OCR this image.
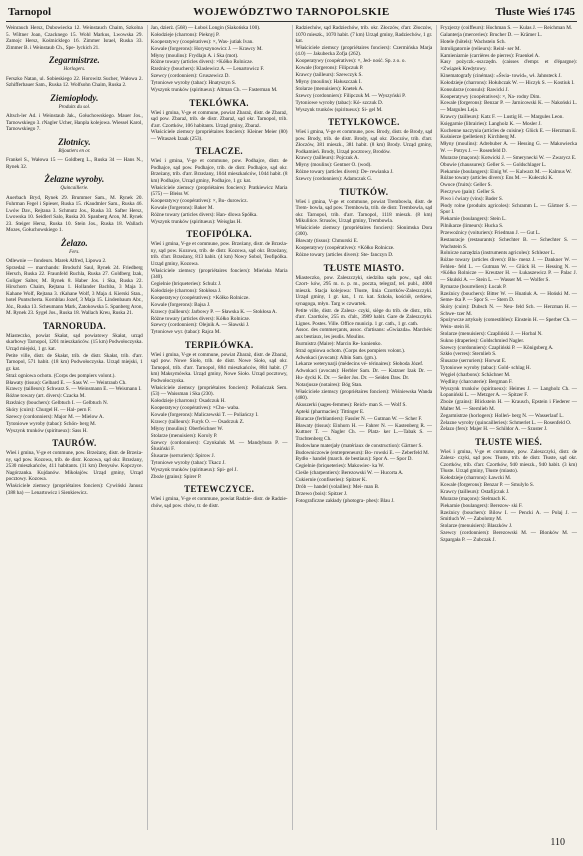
Tarnopol	WOJEWÓDZTWO TARNOPOLSKIE	Tłuste Wieś 1745

Weinrauch Hersz, Dubowiecka 12. Weinstauch Chaim, Szkolna 5. Wiltner Joan, Czacknego 15. Wohl Markus, Lwowska 29. Zamojc Hersz, Kośmicklego 16. Zimmer Israel, Ruska 33. Zimmer B. i Weinstaub Ch., Spe- lyckich 21.

Zegarmistrze.
Horlogers.

Ferszko Natan, ul. Sobieskiego 22. Horowitz Sucher, Wałowa 2. Szhifferbauer Sam., Ruska 12. Wolfsohn Chaim, Ruska 2.

Ziemiopłody.
Produits du sol.

Altsch-ler Ad. i Weinstaub Jak., Gołuchowskiego. Mauer Jos., Tarnowskiego 3. rNagler Ucher, Hanpla kolejowa. Wiessel Karol, Tarnowskiego 7.

Złotnicy.
Bijoutiers en or.

Frankel S., Wałowa 15 — Goldberg L., Ruska 34 — Hans N., Rynek 32.

Żelazne wyroby.
Quincaillerie.

Auerbach Bryd, Rynek 29. Brummer Sam., M. Rynek 20. Fuhrman Fegel i Spieser, Ruska 15. rKaudmler Sam., Ruska 46. Lwów Dav., Rejtana 3. Schmutz Jos., Ruska 33. Safter Hersz, Lwowska 10. Seidlerl Salo, Ruska 20. Spanberg Aron, M. Rynek 23. Steiger Hersz, Ruska 10. Stein Jos., Ruska 18. Wallach Mozes, Gołuchowskiego 1.

Żelazo.
Fers.

Odlewnie — fondeurs. Marek Alfred, Lipowa 2.

Sprzedaż — marchands: Brodschl Saul, Rynek 24. Friedberg Hersch, Ruska 22. Fraunfeld Ruchla, Ruska 27. Goldberg Izak, Goliger Salter, M. Rynek 8. Haber Jos. i Ska, Ruska 22. Hirschorn Chaim, Rejtana 1. Hollander Bachba, 3 Maja 3. Kahane Wolf, Rejtana 3. rKahane Wolf, 3 Maja 4. Kierski Stan., hotel Puntscherta. Kornblau Jozef, 3 Maja 15. Lindenbaum Abr., Józ., Ruska 13. Scheumann Mark, Zatokowska 5. Spanberg Aron, M. Rynek 23. Sygel Jos., Ruska 18. Wallach Kreu, Ruska 21.

TARNORUDA.

Miasteczko, powiat Skałat, sąd powiatowy Skałat, urząd skarbowy Tarnopol, 1201 mieszkańców. (15 km) Podwołoczyska. Urząd miejski, 1 gr. kat.

Petite ville, distr. de Skałat, trib. de distr. Skałat, trib. d'arr. Tarnopol, 571 habit. (18 km) Podwołoczyska. Urząd miejski, 1 gr. kat.

Straż ogniowa ochotn. (Corps des pompiers volont.).

Bławaty (tissus): Gelbard E. — Sass W. — Weintraub Ch.

Krawcy (tailleurs): Schwarz S. — Weinsmann E. — Weismann I.

Różne towary (art. divers): Czacka M.

Rzeźnicy (bouchers): Gelbtuch I. — Gelbtuch N.

Skóry (cuirs): Churgel H. — Hal- pern F.

Szewcy (cordonniers): Major M. — Mielow A.

Tytoniowe wyroby (tabac): Schön- berg M.

Wyszynk trunków (spiritueux): Sass H.

TAURÓW.

Wieś i gmina, V-ge et commune, pow. Brzeżany, distr. de Brzeża- ny, sąd pow. Kozowa, trib. de distr. Kozowa, sąd okr. Brzeżany, 2530 mieszkańców, 411 habitants. (11 km) Denysów. Kopczyce. Nagórzanka. Kujdanów. Mikołajów. Urząd gminy, Urząd pocztowy. Kozowa.

Właściciele ziemscy (propriétaires fonciers): Cywiński Janusz (388 ha) — Lenartowicz i Sienkiewicz.

Jan, dzierż. (568) — Łoboś Longin (Siakońska 100).

Kołodzieje (charrons): Pieknyj P.

Kooperatywy (coopératives): ×, Was- jutiak Ivan.

Kowale (forgerons): Horyszynowicz J. — Krawcy M.

Młyny (moulins): Frydlajn A. i Ska (mot).

Różne towary (articles divers): ×Kółko Rolnicze.

Rzeźnicy (bouchers): Klaslewicz A. — Lenartowicz F.

Szewcy (cordonniers): Gruszewicz D.

Tytoniowe wyroby (tabac): Hnatyszyn S.

Wyszynk trunków (spiritueux): Altman Ch. — Fasterman M.

TEKLÓWKA.

Wieś i gmina, V-ge et commune, powiat Zbaraż, distr. de Zbaraż, sąd pow. Zbaraż, trib. de distr. Zbaraż, sąd okr. Tarnopol, trib. d'arr. Czortków, 106 habitants. Urząd gminy, Zbaraż.

Właściciele ziemscy (propriétaires fonciers): Kleiner Meier (80) — Witaszek Izaak (253).

TELACZE.

Wieś i gmina, V-ge et commune, pow. Podhajce, distr. de Podhajce, sąd pow. Podhajce, trib. de distr. Podhajce, sąd okr. Brzeżany, trib. d'arr. Brzeżany, 1044 mieszkańców, 1044 habit. (8 km) Podhajce, Urząd gminy, Podhajce, 1 gr. kat.

Właściciele ziemscy (propriétaires fonciers): Pratkiewicz Maria (575) — Bleiss W.

Kooperatywy (coopératives): ×, Bu- durowicz.

Kowale (forgerons): Baker M.

Różne towary (articles divers): Han- dlowa Spółka.

Wyszynk trunków (spiritueux): Weisglas H.

TEOFIPÓLKA.

Wieś i gmina, V-ge et commune, pow. Brzeżany, distr. de Brzeża- ny, sąd pow. Kozowa, trib. de distr. Kozowa, sąd okr. Brzeżany, trib. d'arr. Brzeżany, 813 habit. (4 km) Nowy Sobol, Teofipólka. Urząd gminy, Kozowa.

Właściciele ziemscy (propriétaires fonciers): Mieńska Maria (340).

Cegielnie (briqueteries): Schulz J.

Kołodzieje (charrons): Stokłosa J.

Kooperatywy (coopératives): ×Kółko Rolnicze.

Kowale (forgerons): Bajsa J.

Krawcy (tailleurs): Jarbowy P. — Sławska K. — Stokłosa A.

Różne towary (articles divers): Kółko Rolnicze.

Szewcy (cordonniers): Olejnik A. — Sławski J.

Tytoniowe wyr. (tabac): Rajca M.

TERPIŁÓWKA.

Wieś i gmina, V-ge et commune, powiat Zbaraż, distr. de Zbaraż, sąd pow. Nowe Sioło, trib. de distr. Nowe Sioło, sąd okr. Tarnopol, trib. d'arr. Tarnopol, 884 mieszkańców, 884 habit. (7 km) Maksymówka. Urząd gminy, Nowe Sioło. Urząd pocztowy, Podwołoczyska.

Właściciele ziemscy (propriétaires fonciers): Poliańczak Sem. (53) — Waissman i Ska (230).

Kołodzieje (charrons): Osadczuk H.

Kooperatywy (coopératives): ×Cho- waba.

Kowale (forgerons): Maliczewski T. — Poliańczy I.

Krawcy (tailleurs): Furyk O. — Osadczuk Z.

Młyny (moulins): Oberfeichner W.

Stolarze (menuisiers): Koroly P.

Szewcy (cordonniers): Czynkaluk M. — Mandybura P. — Ślusiński F.

Ślusarze (serruriers): Spirow J.

Tytoniowe wyroby (tabac): Tkacz J.

Wyszynk trunków (spiritueux): Spi- gel J.

Zboże (grains): Spirer P.

TETEWCZYCE.

Wieś i gmina, V-ge et commune, powiat Radzie- distr. de Radzie- chów, sąd pow. chów, tr. de distr.

Radziechów, sąd Radziechów, trib. okr. Złoczów, d'arr. Złoczów, 1070 mieszk., 1070 habit. (7 km) Urząd gminy, Radziechów, 1 gr. kat.

Właściciele ziemscy (propriétaires fonciers): Czermińska Marja (4.0) — Jakubecka Zofja (262).

Kooperatywy (coopératives): ×, Jed- ność. Sp. z o. o.

Kowale (forgerons): Filipczuk P.

Krawcy (tailleurs): Szewczyk S.

Młyny (moulins): Hałuszczak I.

Stolarze (menuisiers): Knetek A.

Szewcy (cordonniers): Filipczuk M. — Wyszyński P.

Tytoniowe wyroby (tabac): Kó- szczuk D.

Wyszynk trunków (spiritueux): Si- gel M.

TETYLKOWCE.

Wieś i gmina, V-ge et commune, pow. Brody, distr. de Brody, sąd pow. Brody, trib. de distr. Brody, sąd okr. Złoczów, trib. d'arr. Złoczów, 381 mieszk., 381 habit. (8 km) Brody. Urząd gminy, Podkamień. Brody, Urząd pocztowy, Brodów.

Krawcy (tailleurs): Pojczuk A.

Młyny (moulins): Gentner O. (wod).

Różne towary (articles divers): De- rewianka J.

Szewcy (cordonniers): Adamczuk G.

TIUTKÓW.

Wieś i gmina, V-ge et commune, powiat Trembowla, distr. de Trem- bowla, sąd pow. Trembowla, trib. de distr. Trembowla, sąd okr. Tarnopol, trib. d'arr. Tarnopol, 1118 mieszk. (8 km) Mikulińce. Strusów, Urząd gminy, Trembowla.

Właściciele ziemscy (propriétaires fonciers): Słonimska Dora (300).

Bławaty (tissus): Chmurski E.

Kooperatywy (coopératives): ×Kółko Rolnicze.

Różne towary (articles divers): Ste- fanczyn D.

TŁUSTE MIASTO.

Miasteczko, pow. Zaleszczyki, siedziba sądu pow., sąd okr. Czort- ków, 295 m. n. p. m., poczta, telegraf, tel. publ., 4000 mieszk. Stacja kolejowa: Tłuste, linia Czortków-Zaleszczyki. Urząd gminy, 1 gr. kat., 1 rz. kat. Szkoła, kościół, cerkiew, synagoga, młyn. Targ w czwartek.

Petite ville, distr. de Zalesz- czyki, siège du trib. de distr., trib. d'arr. Czortków, 255 m. d'alt., 3989 habit. Gare de Zaleszczyki. Lignes. Postes. Ville. Office municip. 1 gr. cath., 1 gr. cath.

Assoc. des commerçants, assoc. d'artisans: «Gwiazda». Marchés: aux bestiaux, les jeudis. Moulins.

Burmistrz (Maire): Marcin Re- kunienko.

Straż ogniowa ochotn. (Corps des pompiers volont.).

Adwokaci (avocats): Albin Sam. (gm.).

Lekarze weterynarji (médecins vé- térinaires): Słoboda Józef.

Adwokaci (avocats): Herbler Sam. Dr. — Katzner Izak Dr. — Hu- dycki K. Dr. — Seiler Jos. Dr. — Seiden Daw. Dr.

Notarjusze (notaires): Bóg Stan.

Właściciele ziemscy (propriétaires fonciers): Wiśniewska Wanda (480).

Akuszerki (sages-femmes): Reich- man S. — Wolf S.

Apteki (pharmacies): Tittinger E.

Biuracze (ferblantiers): Fassler N. — Gutman W. — Scher F.

Bławaty (tissus): Einhorn H. — Fahrer N. — Kastenberg R. — Kuttner T. — Nagler Ch. — Platz- ker L.—Tabak S. — Trachtenberg Ch.

Budowlane materjały (matériaux de construction): Gärtner S.

Budowniczowie (entrepreneurs): Bo- rowski E. — Zeberfeld M.

Bydło - handel (march. de bestiaux): Spor A. — Spor D.

Cegielnie (briqueteries): Makowiec- ka W.

Cieśle (charpentiers): Berezowski W. — Hucorta A.

Cukiernie (confiseries): Spitzer K.

Drób — handel (volailles): Mei- man B.

Drzewo (bois): Spitzer J.

Fotograficzne zakłady (photogra- phes): Blau J.

Fryzjerzy (coiffeurs): Hochman S. — Kulas J. — Reichman M.

Galanterja (merceries): Brucher D. — Krämer L.

Hotele (hôtels): Wachstein Sch.

Introligatornie (relieurs): Reinl- ser M.

Kamieniarnie (carrières de pierres): Fraenkel A.

Kasy pożyczk.-oszczędn. (caisses d'empr. et d'épargne): ×Związek Kredytowy.

Kinematografy (cinémas): «Świa- towid», wł. Jahnsteck J.

Kołodzieje (charrons): Hołubczak W. — Hiczyk S. — Kostiuk I.

Konsularze (consuls): Rawicki J.

Kooperatywy (coopératives): ×, Na- rodny Dim.

Kowale (forgerons): Benzar P. — Jarnicowski K. — Nakoński L. — Margules Leja.

Krawcy (tailleurs): Katz F. — Lustig H. — Margules Leon.

Księgarnie (librairies): Langholz K. — Mosler J.

Kuchenne naczynia (articles de cuisine): Glück E. — Herzman E.

Kuśnierze (pelletiers): Kirchberg M.

Młyny (moulins): Adrebuber A. — Hessing G. — Makowiecka W. — Potrys J. — Rosenfeld D.

Murarze (maçons): Kotwicki J. — Smerynecki W. — Zwarycz E.

Obuwie (chaussures): Geller S. — Goldschlager L.

Piekarnie (boulangers): Einig W. — Kalwarz M. — Kalmus W.

Różne towary (articles divers): Ens M. — Kułeczki K.

Owoce (fruits): Geller S.

Pieczywo (pain): Geller S.

Piwo i ćwiary (vins): Bader S.

Płody rolne (produits agricoles): Schramm L. — Gärtner S. — Spor I.

Piekarnie (boulangers): Stein L.

Pilnikarze (limeurs): Hucka S.

Przewoźnicy (voituriers): Friedman J. — Gut L.

Restauracje (restaurants): Schechter B. — Schechter S. — Wachstein S.

Rolnicze narzędzia (instruments agricoles): Schlezer L.

Różne towary (articles divers): Blu- menz J. — Dankner W. — Fehlen- feld L. — Gutman W. — Glück H. — Hessing N. — ×Kółko Rolnicze — Kreutzer H. — Łukaszewicz P. — Palac J. — Skulski A. — Stein L. — Wasser M. — Wolfer S.

Rymarze (bourreliers): Łucak P.

Rzeźnicy (bouchers): Bitter W. — Hnatiuk A. — Hoński M. — Seme- tka P. — Spor S. — Stern D.

Skóry (cuirs): Dubsch N. — Neu- feld Sch. — Herzman H. — Schwe- tzer M.

Spożywcze artykuły (comestibles): Einstein H. — Sperber Ch. — Wein- stein H.

Stolarze (menuisiers): Czapliński J. — Horbal N.

Sukno (draperies): Goldschmied Nagler.

Szewcy (cordonniers): Czapliński P. — Königsberg A.

Szkło (verres): Sternlieb S.

Ślusarze (serruriers): Horwat E.

Tytoniowe wyroby (tabac): Gold- schlag H.

Węgiel (charbons): Schächner M.

Wędliny (charcuterie): Bergman F.

Wyszynk trunków (spiritueux): Heimes J. — Langholz Ch. — Łopaniński L. — Metzger A. — Spitzer F.

Zboże (grains): Blickstein H. — Krausch, Epstein i Fiederer — Malter M. — Sternlieb M.

Zegarmistrze (horlogers): Holleń- berg N. — Wasserlauf L.

Żelazne wyroby (quincailleries): Schmerlet L. — Rosenfeld O.

Żelazo (fers): Majer H. — Schildor A. — Szuster J.

TŁUSTE WIEŚ.

Wieś i gmina, V-ge et commune, pow. Zaleszczyki, distr. de Zalesz- czyki, sąd pow. Tłuste, trib. de distr. Tłuste, sąd okr. Czortków, trib. d'arr. Czortków, 940 mieszk., 940 habit. (3 km) Tłuste. Urząd gminy, Tłuste (miasto).

Kołodzieje (charrons): Ławcki M.

Kowale (forgerons): Benzar P. — Smulylo S.

Krawcy (tailleurs): Ostafijczuk J.

Murarze (maçons): Stelmach K.

Piekarnie (boulangers): Berezow- ski F.

Rzeźnicy (bouchers): Bilow I. — Pencki A. — Polaj J. — Smitluch W. — Zabolotny M.

Stolarze (menuisiers): Blaszków J.

Szewcy (cordonniers): Berezowski M. — Blonków M. — Szpargała P. — Zubczak J.

110
